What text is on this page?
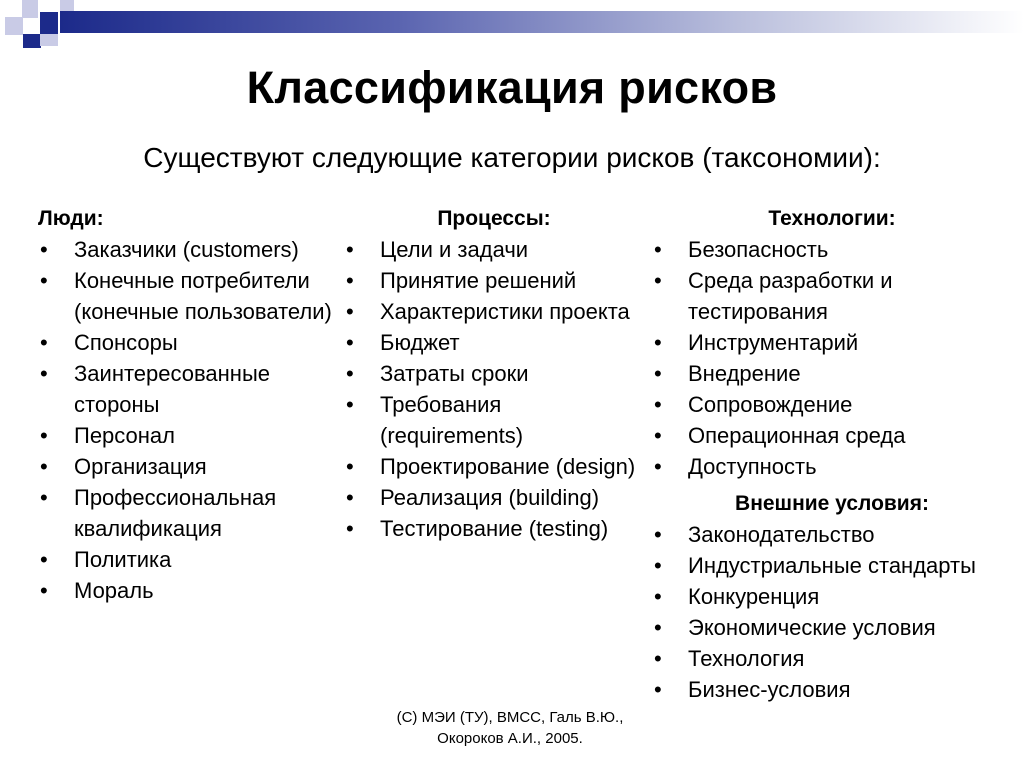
Классификация рисков
Существуют следующие категории рисков (таксономии):
Люди:
• Заказчики (customers)
• Конечные потребители (конечные пользователи)
• Спонсоры
• Заинтересованные стороны
• Персонал
• Организация
• Профессиональная квалификация
• Политика
• Мораль
Процессы:
• Цели и задачи
• Принятие решений
• Характеристики проекта
• Бюджет
• Затраты сроки
• Требования (requirements)
• Проектирование (design)
• Реализация (building)
• Тестирование (testing)
Технологии:
• Безопасность
• Среда разработки и тестирования
• Инструментарий
• Внедрение
• Сопровождение
• Операционная среда
• Доступность
Внешние условия:
• Законодательство
• Индустриальные стандарты
• Конкуренция
• Экономические условия
• Технология
• Бизнес-условия
(C) МЭИ (ТУ), ВМСС, Галь В.Ю.,
Окороков А.И., 2005.
